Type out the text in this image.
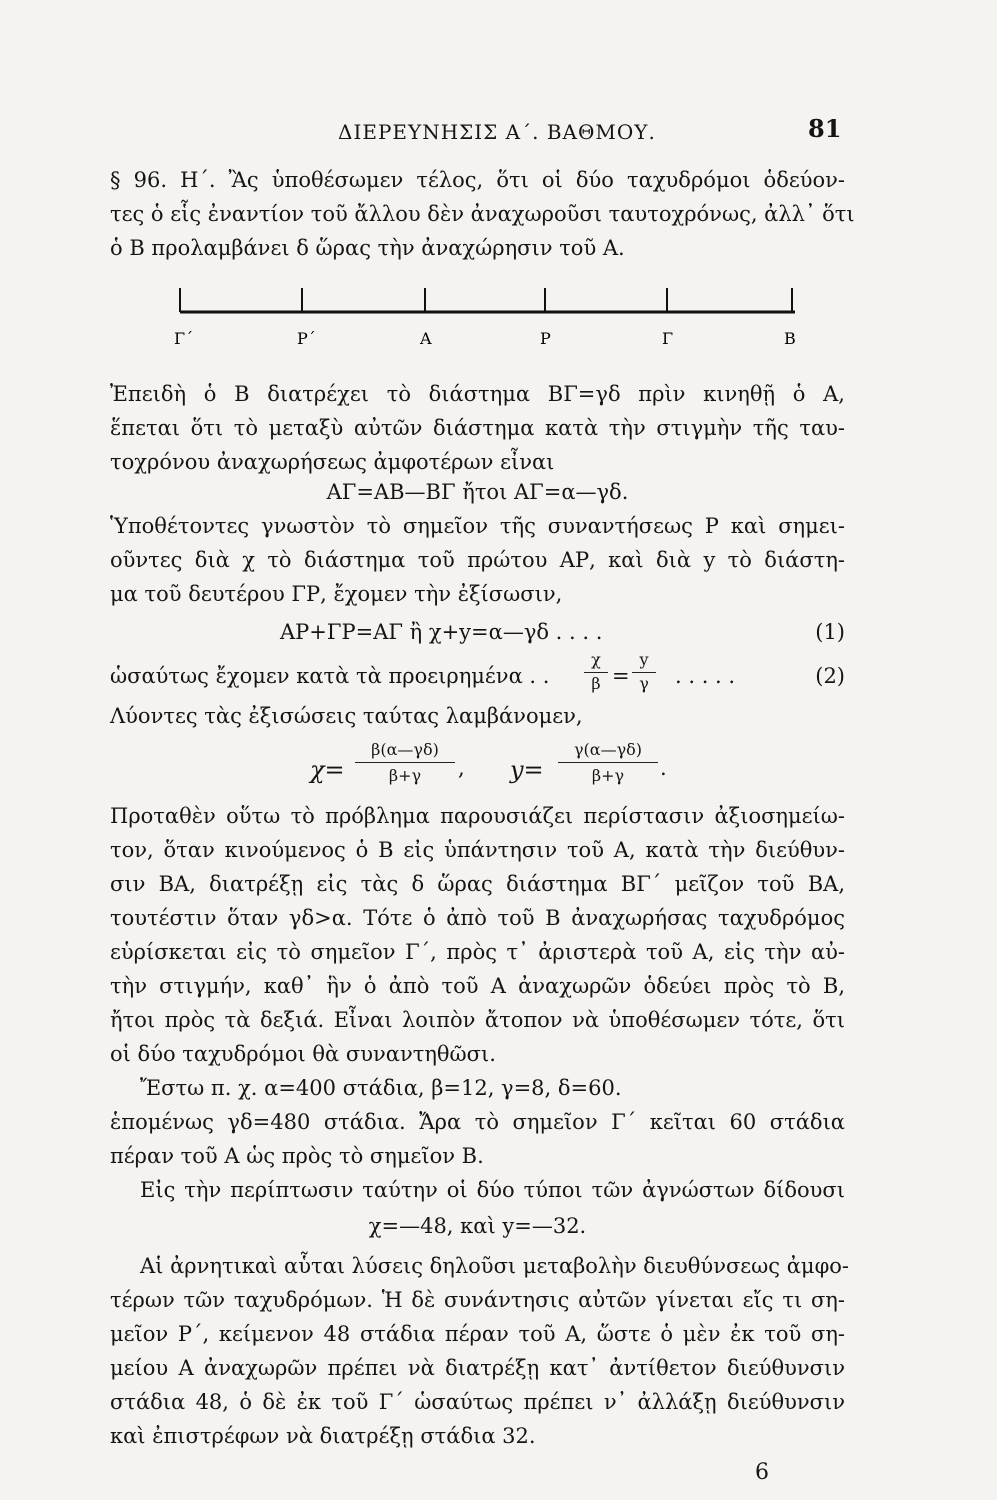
ΔΙΕΡΕΥΝΗΣΙΣ Α΄. ΒΑΘΜΟΥ.	81
§ 96. Η΄. Ἂς ὑποθέσωμεν τέλος, ὅτι οἱ δύο ταχυδρόμοι ὁδεύον-
τες ὁ εἷς ἐναντίον τοῦ ἄλλου δὲν ἀναχωροῦσι ταυτοχρόνως, ἀλλ᾽ ὅτι
ὁ Β προλαμβάνει δ ὥρας τὴν ἀναχώρησιν τοῦ Α.
Γ΄	Ρ΄	Α	Ρ	Γ	Β
Ἐπειδὴ ὁ Β διατρέχει τὸ διάστημα ΒΓ=γδ πρὶν κινηθῇ ὁ Α,
ἕπεται ὅτι τὸ μεταξὺ αὐτῶν διάστημα κατὰ τὴν στιγμὴν τῆς ταυ-
τοχρόνου ἀναχωρήσεως ἀμφοτέρων εἶναι
ΑΓ=ΑΒ—ΒΓ ἤτοι ΑΓ=α—γδ.
Ὑποθέτοντες γνωστὸν τὸ σημεῖον τῆς συναντήσεως Ρ καὶ σημει-
οῦντες διὰ χ τὸ διάστημα τοῦ πρώτου ΑΡ, καὶ διὰ y τὸ διάστη-
μα τοῦ δευτέρου ΓΡ, ἔχομεν τὴν ἐξίσωσιν,
ΑΡ+ΓΡ=ΑΓ ἢ χ+y=α—γδ . . . .	(1)
ὡσαύτως ἔχομεν κατὰ τὰ προειρημένα . .
χ
β =
y
γ	. . . . .	(2)
Λύοντες τὰς ἐξισώσεις ταύτας λαμβάνομεν,
χ=
β(α—γδ)
β+γ	, y=
γ(α—γδ)
β+γ	.
Προταθὲν οὕτω τὸ πρόβλημα παρουσιάζει περίστασιν ἀξιοσημείω-
τον, ὅταν κινούμενος ὁ Β εἰς ὑπάντησιν τοῦ Α, κατὰ τὴν διεύθυν-
σιν ΒΑ, διατρέξῃ εἰς τὰς δ ὥρας διάστημα ΒΓ΄ μεῖζον τοῦ ΒΑ,
τουτέστιν ὅταν γδ>α. Τότε ὁ ἀπὸ τοῦ Β ἀναχωρήσας ταχυδρόμος
εὑρίσκεται εἰς τὸ σημεῖον Γ΄, πρὸς τ᾽ ἀριστερὰ τοῦ Α, εἰς τὴν αὐ-
τὴν στιγμήν, καθ᾽ ἣν ὁ ἀπὸ τοῦ Α ἀναχωρῶν ὁδεύει πρὸς τὸ Β,
ἤτοι πρὸς τὰ δεξιά. Εἶναι λοιπὸν ἄτοπον νὰ ὑποθέσωμεν τότε, ὅτι
οἱ δύο ταχυδρόμοι θὰ συναντηθῶσι.
Ἔστω π. χ. α=400 στάδια, β=12, γ=8, δ=60.
ἑπομένως γδ=480 στάδια. Ἄρα τὸ σημεῖον Γ΄ κεῖται 60 στάδια
πέραν τοῦ Α ὡς πρὸς τὸ σημεῖον Β.
Εἰς τὴν περίπτωσιν ταύτην οἱ δύο τύποι τῶν ἀγνώστων δίδουσι
χ=—48, καὶ y=—32.
Αἱ ἀρνητικαὶ αὗται λύσεις δηλοῦσι μεταβολὴν διευθύνσεως ἀμφο-
τέρων τῶν ταχυδρόμων. Ἡ δὲ συνάντησις αὐτῶν γίνεται εἴς τι ση-
μεῖον Ρ΄, κείμενον 48 στάδια πέραν τοῦ Α, ὥστε ὁ μὲν ἐκ τοῦ ση-
μείου Α ἀναχωρῶν πρέπει νὰ διατρέξῃ κατ᾽ ἀντίθετον διεύθυνσιν
στάδια 48, ὁ δὲ ἐκ τοῦ Γ΄ ὡσαύτως πρέπει ν᾽ ἀλλάξῃ διεύθυνσιν
καὶ ἐπιστρέφων νὰ διατρέξῃ στάδια 32.
6
